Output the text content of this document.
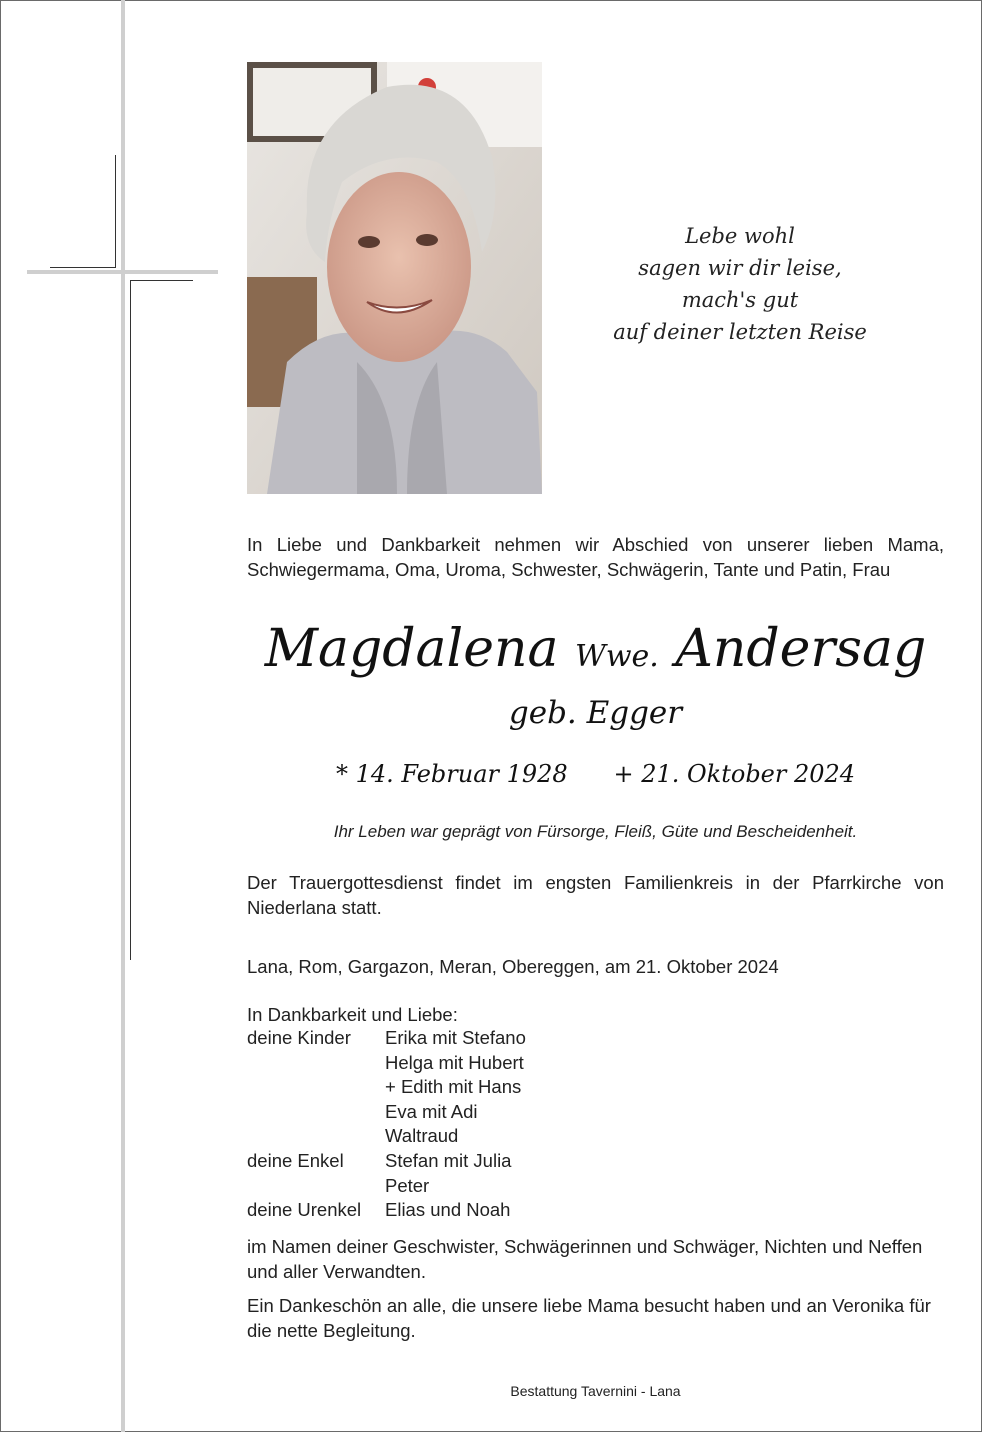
Lebe wohl
sagen wir dir leise,
mach's gut
auf deiner letzten Reise
In Liebe und Dankbarkeit nehmen wir Abschied von unserer lieben Mama, Schwiegermama, Oma, Uroma, Schwester, Schwägerin, Tante und Patin, Frau
Magdalena Wwe. Andersag
geb. Egger
* 14. Februar 1928 + 21. Oktober 2024
Ihr Leben war geprägt von Fürsorge, Fleiß, Güte und Bescheidenheit.
Der Trauergottesdienst findet im engsten Familienkreis in der Pfarrkirche von Niederlana statt.
Lana, Rom, Gargazon, Meran, Obereggen, am 21. Oktober 2024
In Dankbarkeit und Liebe:
deine Kinder	Erika mit Stefano
Helga mit Hubert
+ Edith mit Hans
Eva mit Adi
Waltraud
deine Enkel	Stefan mit Julia
Peter
deine Urenkel	Elias und Noah
im Namen deiner Geschwister, Schwägerinnen und Schwäger, Nichten und Neffen und aller Verwandten.
Ein Dankeschön an alle, die unsere liebe Mama besucht haben und an Veronika für die nette Begleitung.
Bestattung Tavernini - Lana
